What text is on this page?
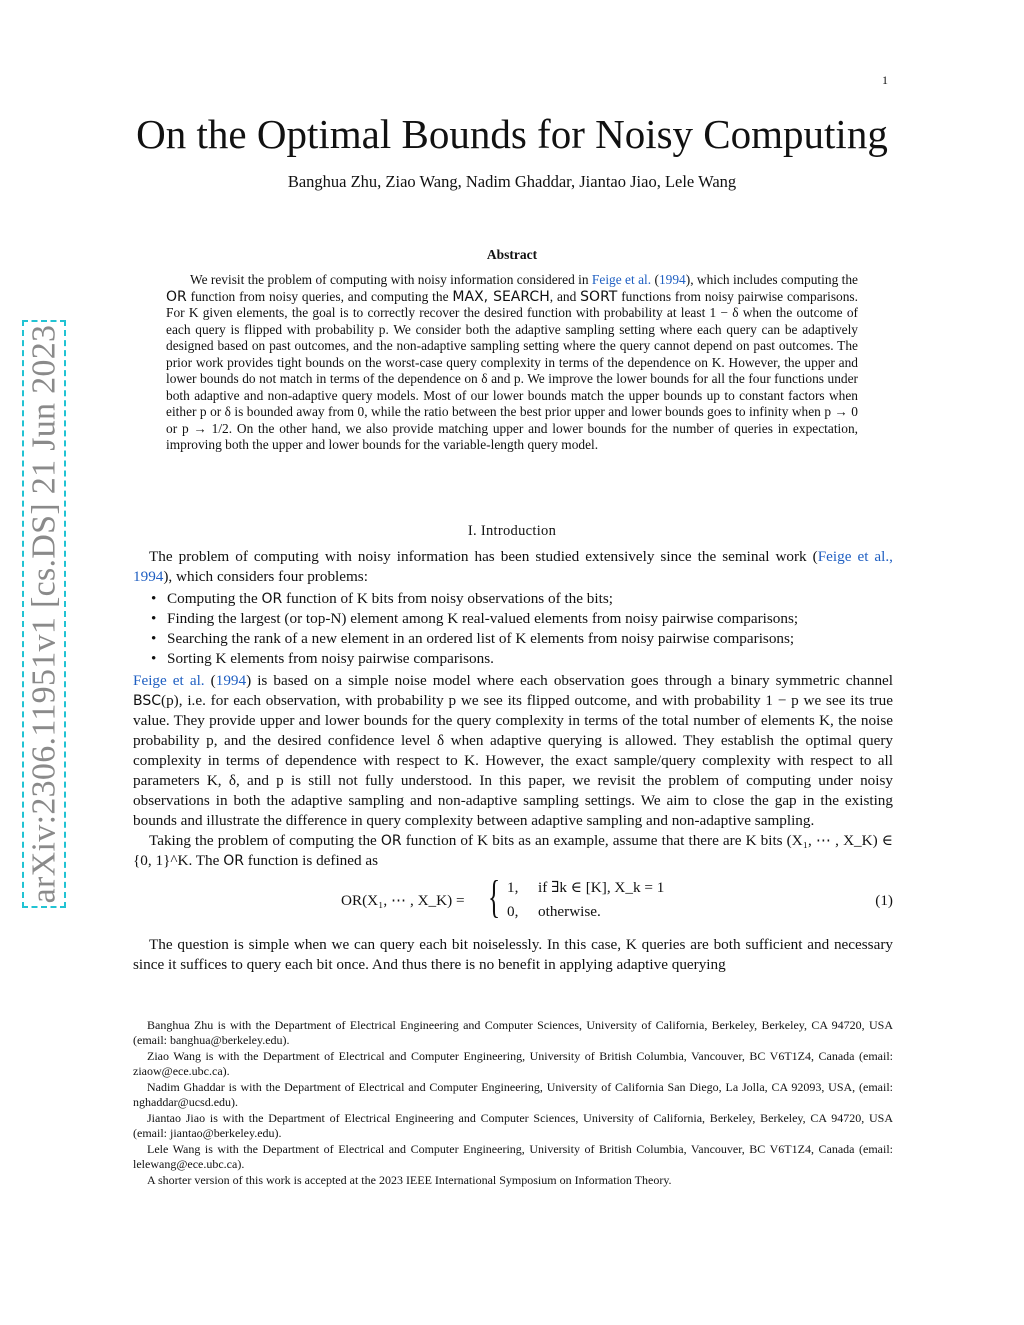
1
arXiv:2306.11951v1 [cs.DS] 21 Jun 2023
On the Optimal Bounds for Noisy Computing
Banghua Zhu, Ziao Wang, Nadim Ghaddar, Jiantao Jiao, Lele Wang
Abstract

We revisit the problem of computing with noisy information considered in Feige et al. (1994), which includes computing the OR function from noisy queries, and computing the MAX, SEARCH, and SORT functions from noisy pairwise comparisons. For K given elements, the goal is to correctly recover the desired function with probability at least 1 − δ when the outcome of each query is flipped with probability p. We consider both the adaptive sampling setting where each query can be adaptively designed based on past outcomes, and the non-adaptive sampling setting where the query cannot depend on past outcomes. The prior work provides tight bounds on the worst-case query complexity in terms of the dependence on K. However, the upper and lower bounds do not match in terms of the dependence on δ and p. We improve the lower bounds for all the four functions under both adaptive and non-adaptive query models. Most of our lower bounds match the upper bounds up to constant factors when either p or δ is bounded away from 0, while the ratio between the best prior upper and lower bounds goes to infinity when p → 0 or p → 1/2. On the other hand, we also provide matching upper and lower bounds for the number of queries in expectation, improving both the upper and lower bounds for the variable-length query model.

I. Introduction

The problem of computing with noisy information has been studied extensively since the seminal work (Feige et al., 1994), which considers four problems:

• Computing the OR function of K bits from noisy observations of the bits;
• Finding the largest (or top-N) element among K real-valued elements from noisy pairwise comparisons;
• Searching the rank of a new element in an ordered list of K elements from noisy pairwise comparisons;
• Sorting K elements from noisy pairwise comparisons.

Feige et al. (1994) is based on a simple noise model where each observation goes through a binary symmetric channel BSC(p), i.e. for each observation, with probability p we see its flipped outcome, and with probability 1 − p we see its true value. They provide upper and lower bounds for the query complexity in terms of the total number of elements K, the noise probability p, and the desired confidence level δ when adaptive querying is allowed. They establish the optimal query complexity in terms of dependence with respect to K. However, the exact sample/query complexity with respect to all parameters K, δ, and p is still not fully understood. In this paper, we revisit the problem of computing under noisy observations in both the adaptive sampling and non-adaptive sampling settings. We aim to close the gap in the existing bounds and illustrate the difference in query complexity between adaptive sampling and non-adaptive sampling.

Taking the problem of computing the OR function of K bits as an example, assume that there are K bits (X₁, ⋯ , X_K) ∈ {0, 1}^K. The OR function is defined as

OR(X₁, ⋯ , X_K) = { 1, if ∃k ∈ [K], X_k = 1
0, otherwise.
(1)

The question is simple when we can query each bit noiselessly. In this case, K queries are both sufficient and necessary since it suffices to query each bit once. And thus there is no benefit in applying adaptive querying

Banghua Zhu is with the Department of Electrical Engineering and Computer Sciences, University of California, Berkeley, Berkeley, CA 94720, USA (email: banghua@berkeley.edu).

Ziao Wang is with the Department of Electrical and Computer Engineering, University of British Columbia, Vancouver, BC V6T1Z4, Canada (email: ziaow@ece.ubc.ca).

Nadim Ghaddar is with the Department of Electrical and Computer Engineering, University of California San Diego, La Jolla, CA 92093, USA, (email: nghaddar@ucsd.edu).

Jiantao Jiao is with the Department of Electrical Engineering and Computer Sciences, University of California, Berkeley, Berkeley, CA 94720, USA (email: jiantao@berkeley.edu).

Lele Wang is with the Department of Electrical and Computer Engineering, University of British Columbia, Vancouver, BC V6T1Z4, Canada (email: lelewang@ece.ubc.ca).

A shorter version of this work is accepted at the 2023 IEEE International Symposium on Information Theory.
